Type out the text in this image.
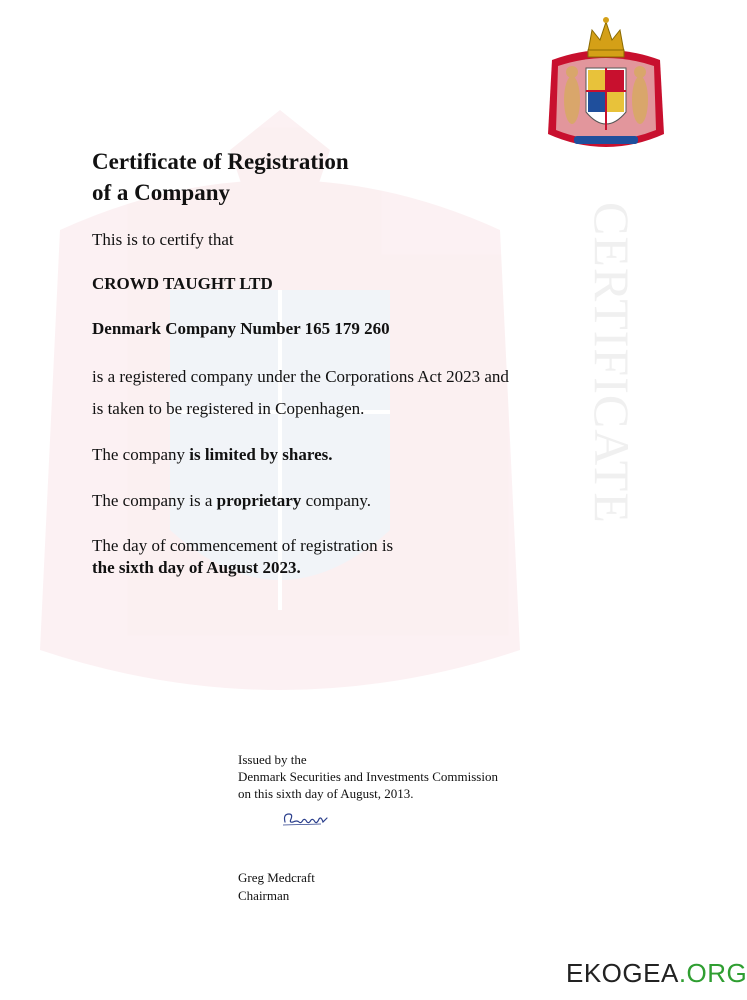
CERTIFICATE
Certificate of Registration
of a Company
This is to certify that
CROWD TAUGHT LTD
Denmark Company Number 165 179 260
is a registered company under the Corporations Act 2023 and
is taken to be registered in Copenhagen.
The company is limited by shares.
The company is a proprietary company.
The day of commencement of registration is
the sixth day of August 2023.
Issued by the
Denmark Securities and Investments Commission
on this sixth day of August, 2013.
Greg Medcraft
Chairman
EKOGEA.ORG
